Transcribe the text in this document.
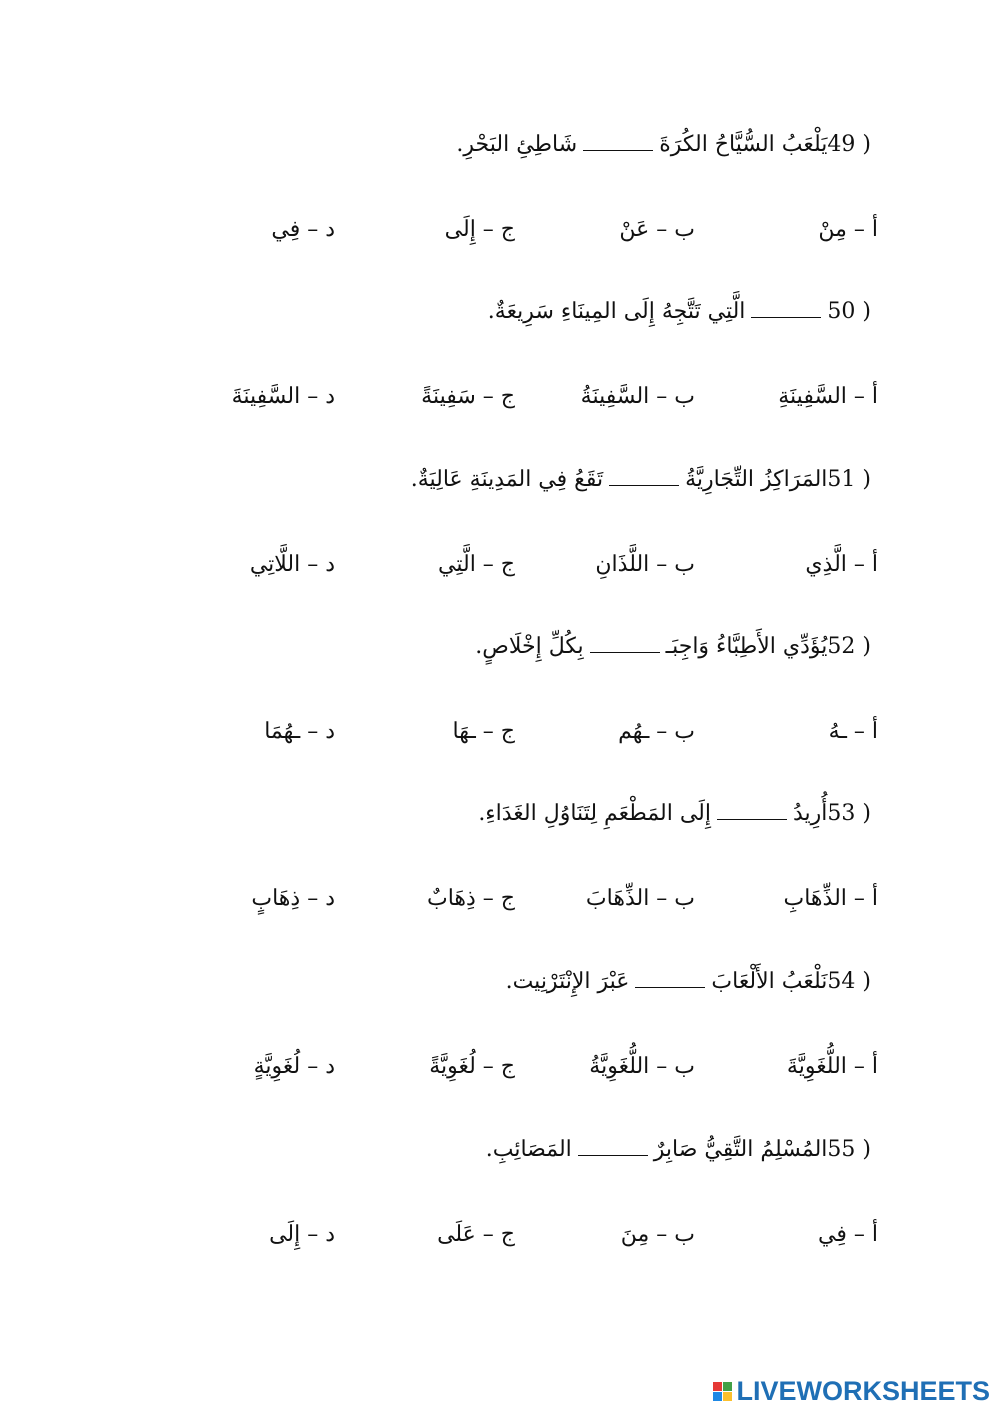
49 ) يَلْعَبُ السُّيَّاحُ الكُرَةَشَاطِئِ البَحْرِ.
أ – مِنْ
ب – عَنْ
ج – إِلَى
د – فِي
50 ) الَّتِي تَتَّجِهُ إِلَى المِينَاءِ سَرِيعَةٌ.
أ – السَّفِينَةِ
ب – السَّفِينَةُ
ج – سَفِينَةً
د – السَّفِينَةَ
51 ) المَرَاكِزُ التِّجَارِيَّةُتَقَعُ فِي المَدِينَةِ عَالِيَةٌ.
أ – الَّذِي
ب – اللَّذَانِ
ج – الَّتِي
د – اللَّاتِي
52 ) يُؤَدِّي الأَطِبَّاءُ وَاجِبَـبِكُلِّ إِخْلَاصٍ.
أ – ـهُ
ب – ـهُم
ج – ـهَا
د – ـهُمَا
53 ) أُرِيدُإِلَى المَطْعَمِ لِتَنَاوُلِ الغَدَاءِ.
أ – الذِّهَابِ
ب – الذِّهَابَ
ج – ذِهَابٌ
د – ذِهَابٍ
54 ) نَلْعَبُ الأَلْعَابَعَبْرَ الإِنْتَرْنِيت.
أ – اللُّغَوِيَّةَ
ب – اللُّغَوِيَّةُ
ج – لُغَوِيَّةً
د – لُغَوِيَّةٍ
55 ) المُسْلِمُ التَّقِيُّ صَابِرٌالمَصَائِبِ.
أ – فِي
ب – مِنَ
ج – عَلَى
د – إِلَى
LIVEWORKSHEETS
